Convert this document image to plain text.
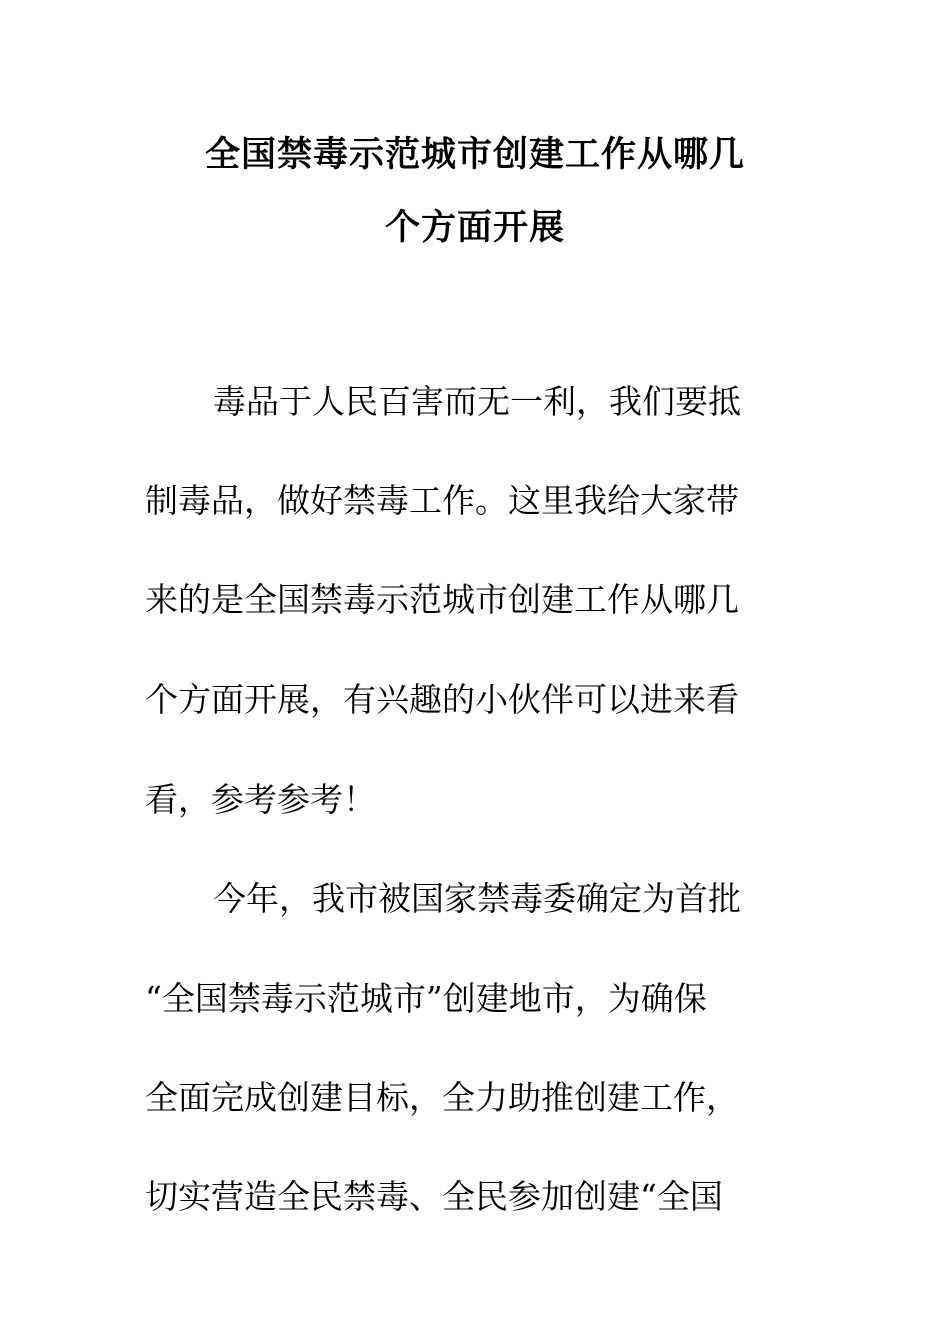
全国禁毒示范城市创建工作从哪几
个方面开展
毒品于人民百害而无一利，我们要抵
制毒品，做好禁毒工作。这里我给大家带
来的是全国禁毒示范城市创建工作从哪几
个方面开展，有兴趣的小伙伴可以进来看
看，参考参考！
今年，我市被国家禁毒委确定为首批
“全国禁毒示范城市”创建地市，为确保
全面完成创建目标，全力助推创建工作，
切实营造全民禁毒、全民参加创建“全国
